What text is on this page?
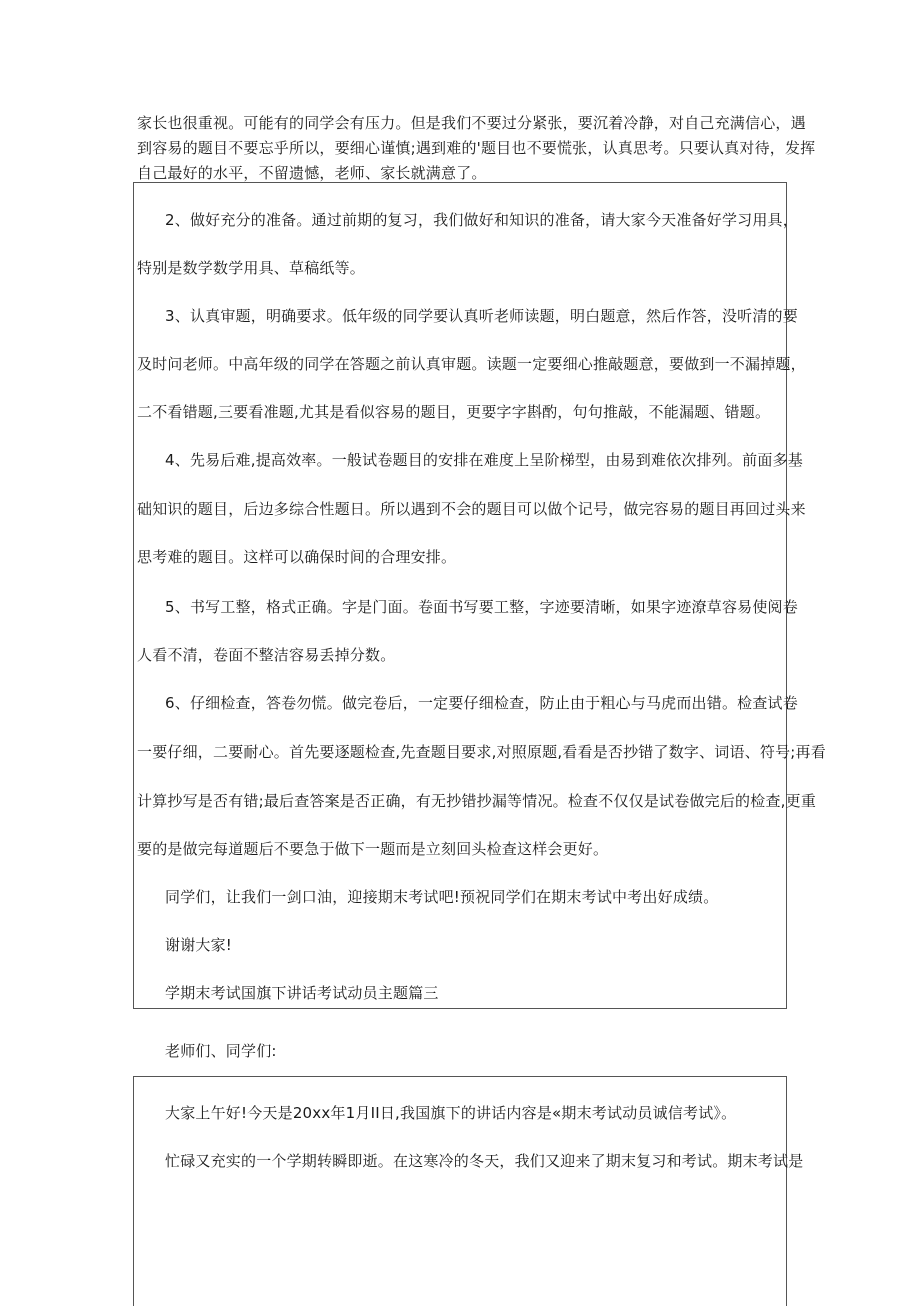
家长也很重视。可能有的同学会有压力。但是我们不要过分紧张，要沉着冷静，对自己充满信心，遇
到容易的题目不要忘乎所以，要细心谨慎;遇到难的'题目也不要慌张，认真思考。只要认真对待，发挥
自己最好的水平，不留遗憾，老师、家长就满意了。
2、做好充分的准备。通过前期的复习，我们做好和知识的准备，请大家今天准备好学习用具，
特别是数学数学用具、草稿纸等。
3、认真审题，明确要求。低年级的同学要认真听老师读题，明白题意，然后作答，没听清的要
及时问老师。中高年级的同学在答题之前认真审题。读题一定要细心推敲题意，要做到一不漏掉题，
二不看错题,三要看准题,尤其是看似容易的题目，更要字字斟酌，句句推敲，不能漏题、错题。
4、先易后难,提高效率。一般试卷题目的安排在难度上呈阶梯型，由易到难依次排列。前面多基
础知识的题目，后边多综合性题日。所以遇到不会的题目可以做个记号，做完容易的题目再回过头来
思考难的题目。这样可以确保时间的合理安排。
5、书写工整，格式正确。字是门面。卷面书写要工整，字迹要清晰，如果字迹潦草容易使阅卷
人看不清，卷面不整洁容易丢掉分数。
6、仔细检查，答卷勿慌。做完卷后，一定要仔细检查，防止由于粗心与马虎而出错。检查试卷
一要仔细，二要耐心。首先要逐题检查,先查题目要求,对照原题,看看是否抄错了数字、词语、符号;再看
计算抄写是否有错;最后查答案是否正确，有无抄错抄漏等情况。检查不仅仅是试卷做完后的检查,更重
要的是做完每道题后不要急于做下一题而是立刻回头检查这样会更好。
同学们，让我们一剑口油，迎接期末考试吧!预祝同学们在期末考试中考出好成绩。
谢谢大家!
学期末考试国旗下讲话考试动员主题篇三
老师们、同学们:
大家上午好!今天是20xx年1月II日,我国旗下的讲话内容是«期末考试动员诚信考试》。
忙碌又充实的一个学期转瞬即逝。在这寒冷的冬天，我们又迎来了期末复习和考试。期末考试是
